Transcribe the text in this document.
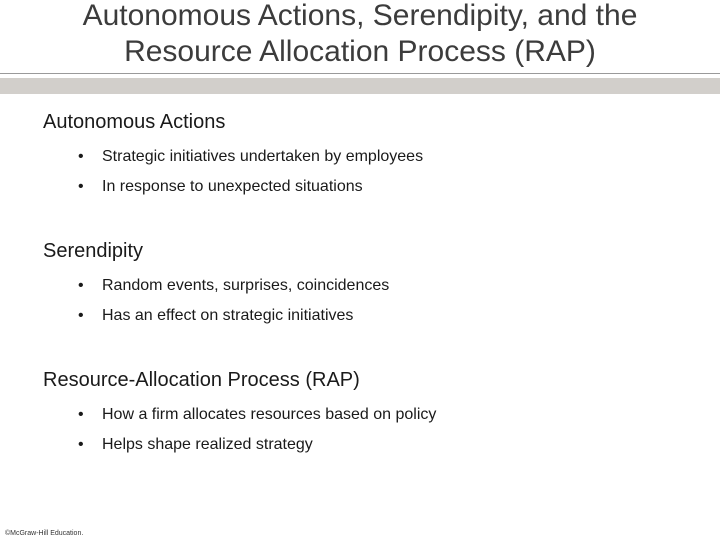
Autonomous Actions, Serendipity, and the
Resource Allocation Process (RAP)
Autonomous Actions
•	Strategic initiatives undertaken by employees
•	In response to unexpected situations
Serendipity
•	Random events, surprises, coincidences
•	Has an effect on strategic initiatives
Resource-Allocation Process (RAP)
•	How a firm allocates resources based on policy
•	Helps shape realized strategy
©McGraw-Hill Education.
